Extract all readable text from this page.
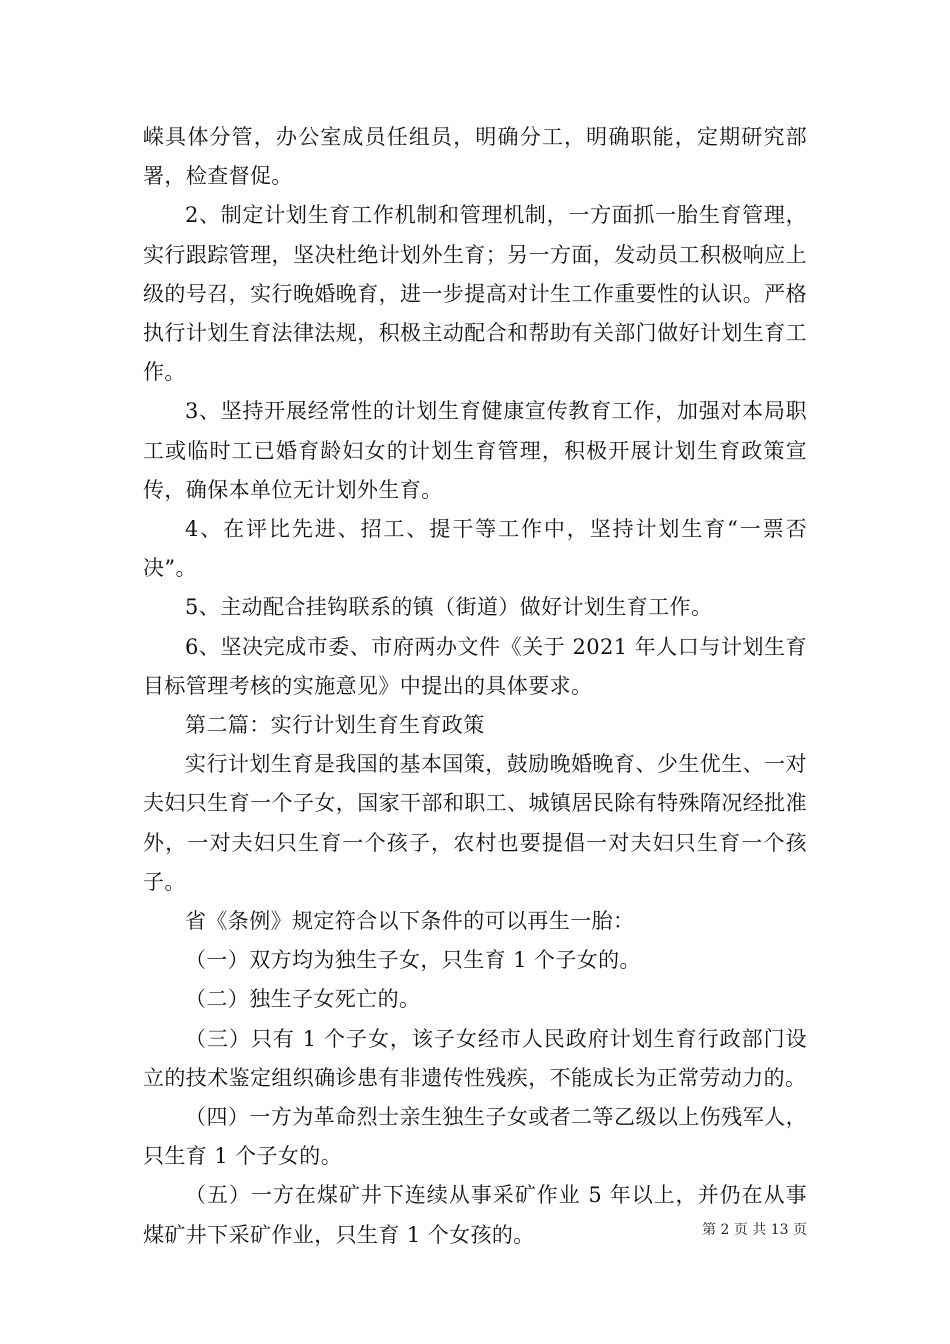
嵘具体分管，办公室成员任组员，明确分工，明确职能，定期研究部署，检查督促。

2、制定计划生育工作机制和管理机制，一方面抓一胎生育管理，实行跟踪管理，坚决杜绝计划外生育；另一方面，发动员工积极响应上级的号召，实行晚婚晚育，进一步提高对计生工作重要性的认识。严格执行计划生育法律法规，积极主动配合和帮助有关部门做好计划生育工作。

3、坚持开展经常性的计划生育健康宣传教育工作，加强对本局职工或临时工已婚育龄妇女的计划生育管理，积极开展计划生育政策宣传，确保本单位无计划外生育。

4、在评比先进、招工、提干等工作中，坚持计划生育“一票否决”。

5、主动配合挂钩联系的镇（街道）做好计划生育工作。

6、坚决完成市委、市府两办文件《关于 2021 年人口与计划生育目标管理考核的实施意见》中提出的具体要求。

第二篇：实行计划生育生育政策

实行计划生育是我国的基本国策，鼓励晚婚晚育、少生优生、一对夫妇只生育一个子女，国家干部和职工、城镇居民除有特殊隋况经批准外，一对夫妇只生育一个孩子，农村也要提倡一对夫妇只生育一个孩子。

省《条例》规定符合以下条件的可以再生一胎：

（一）双方均为独生子女，只生育 1 个子女的。

（二）独生子女死亡的。

（三）只有 1 个子女，该子女经市人民政府计划生育行政部门设立的技术鉴定组织确诊患有非遗传性残疾，不能成长为正常劳动力的。

（四）一方为革命烈士亲生独生子女或者二等乙级以上伤残军人，只生育 1 个子女的。

（五）一方在煤矿井下连续从事采矿作业 5 年以上，并仍在从事煤矿井下采矿作业，只生育 1 个女孩的。	第 2 页 共 13 页
